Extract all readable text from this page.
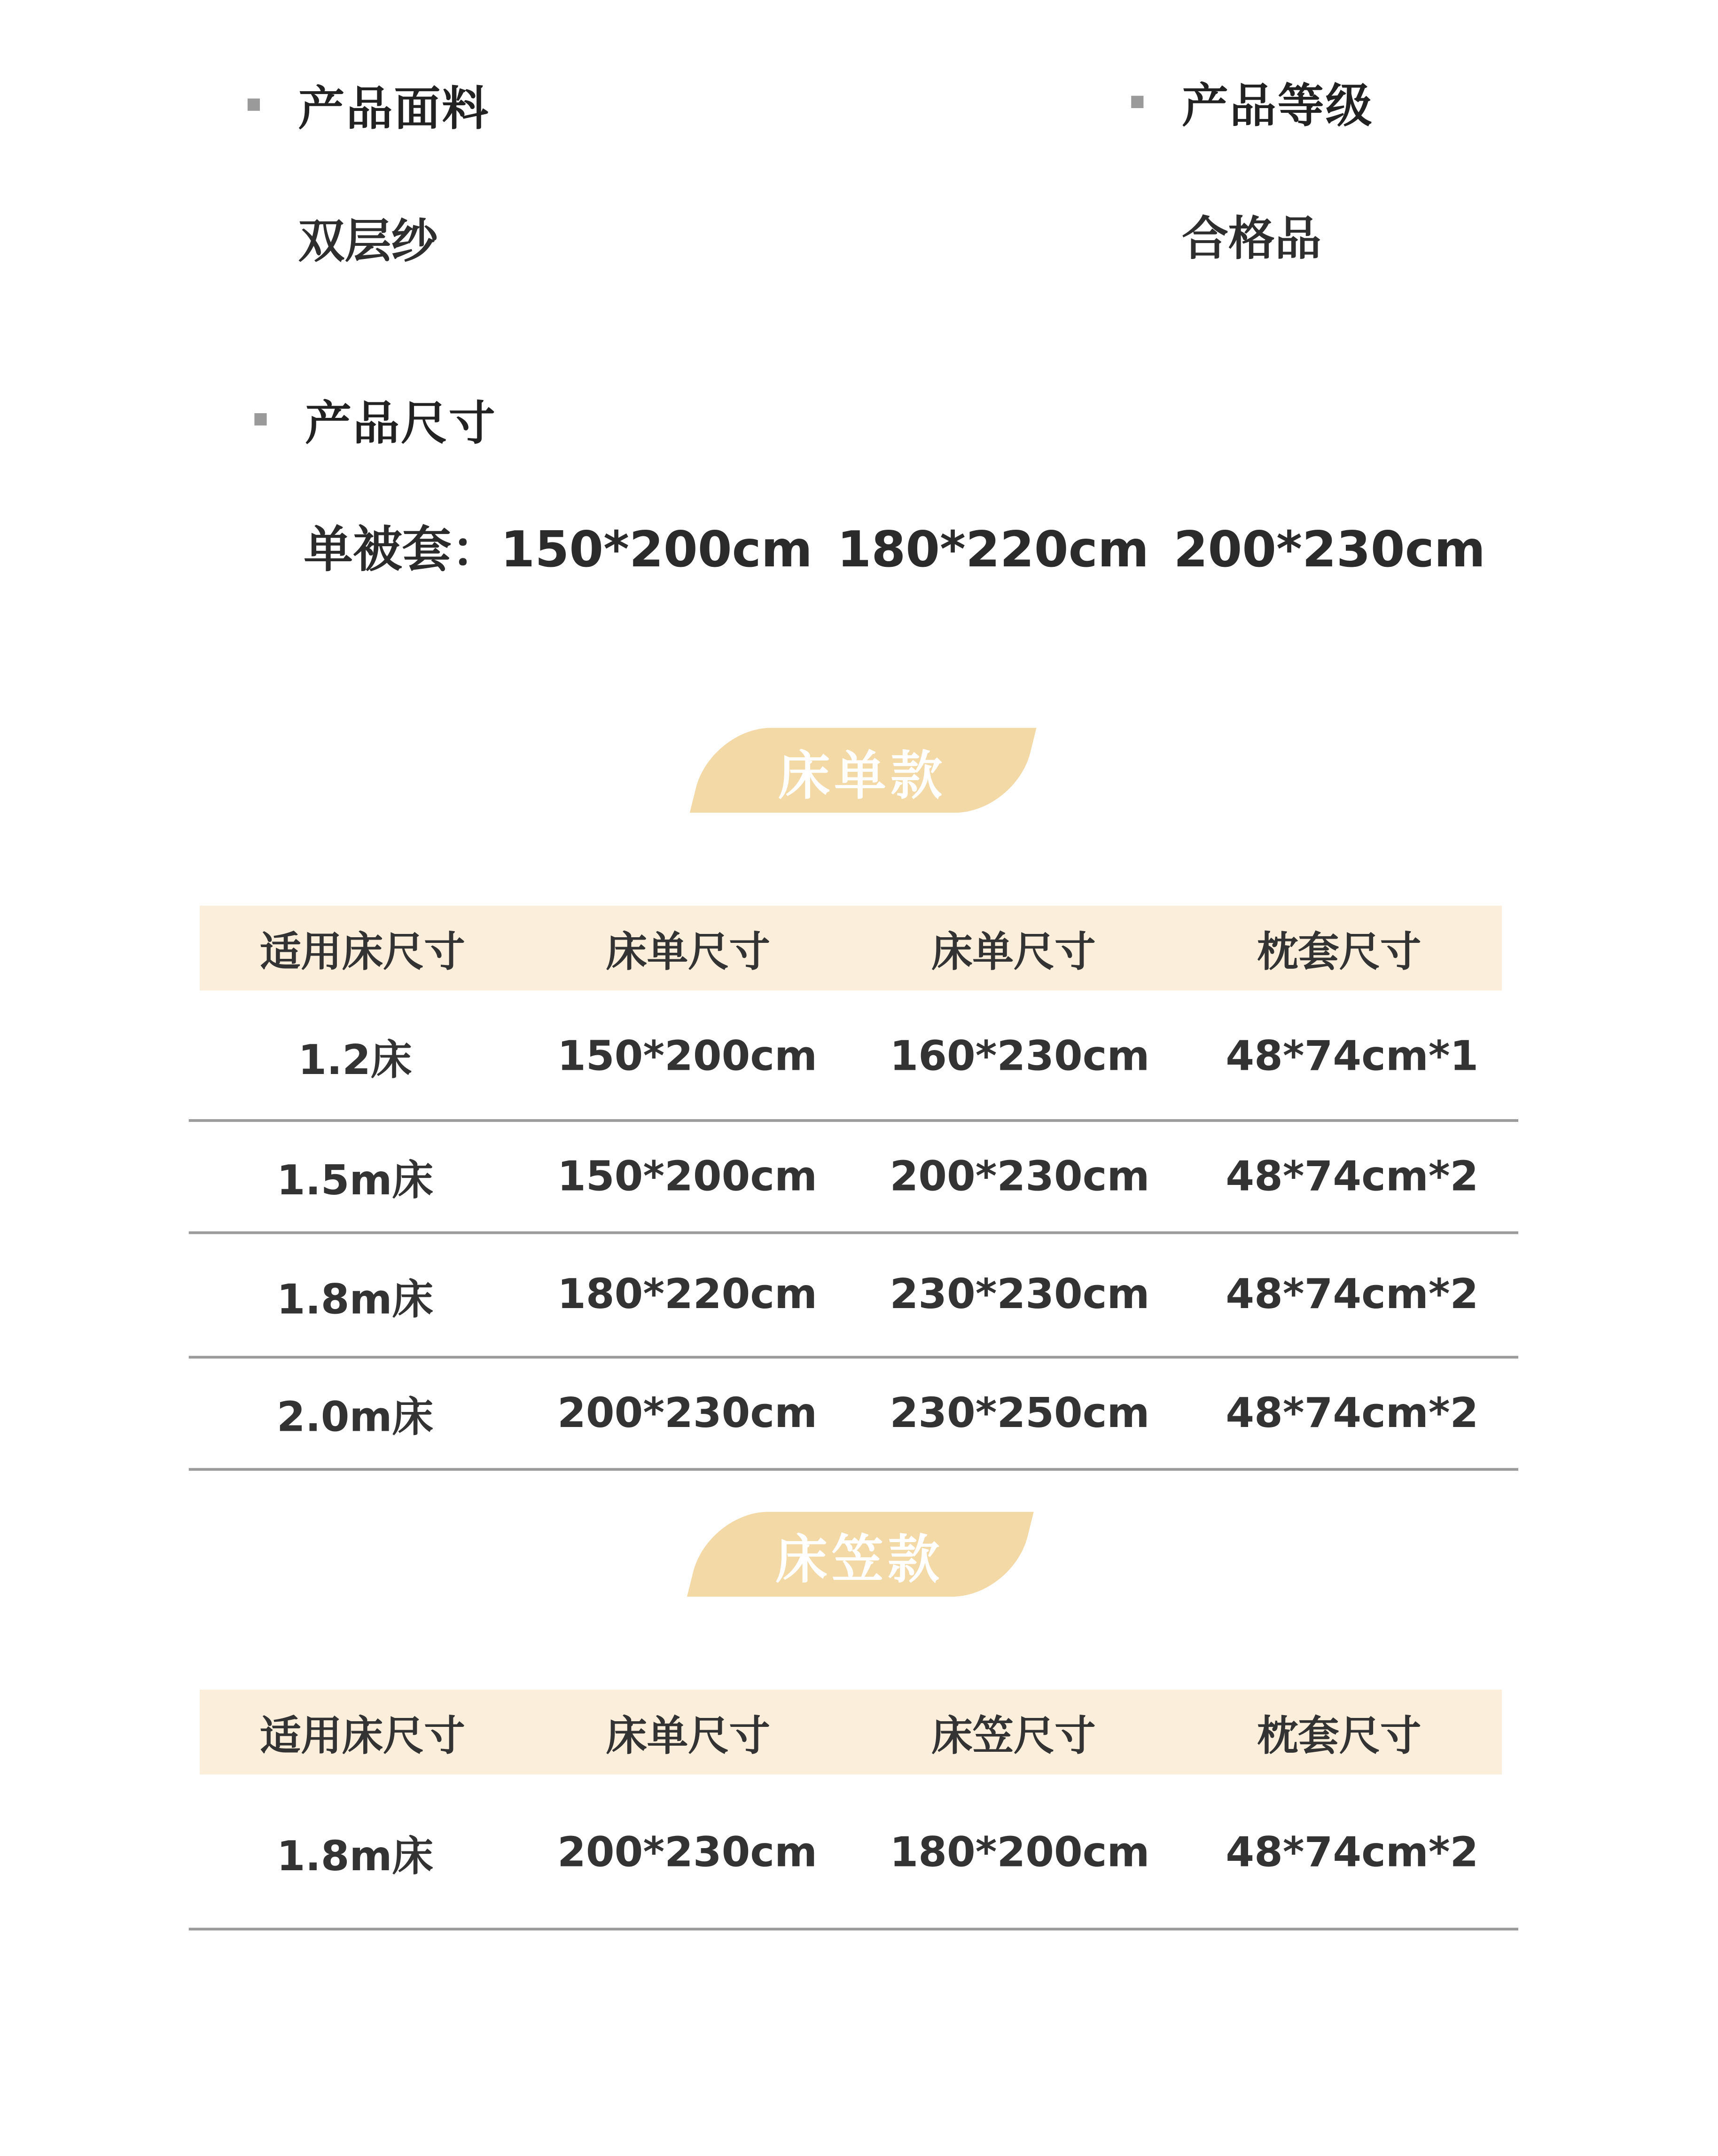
产品面料
双层纱
产品等级
合格品
产品尺寸
单被套：150*200cm 180*220cm 200*230cm
床单款
适用床尺寸	床单尺寸	床单尺寸	枕套尺寸
1.2床	150*200cm	160*230cm	48*74cm*1
1.5m床	150*200cm	200*230cm	48*74cm*2
1.8m床	180*220cm	230*230cm	48*74cm*2
2.0m床	200*230cm	230*250cm	48*74cm*2
床笠款
适用床尺寸	床单尺寸	床笠尺寸	枕套尺寸
1.8m床	200*230cm	180*200cm	48*74cm*2
